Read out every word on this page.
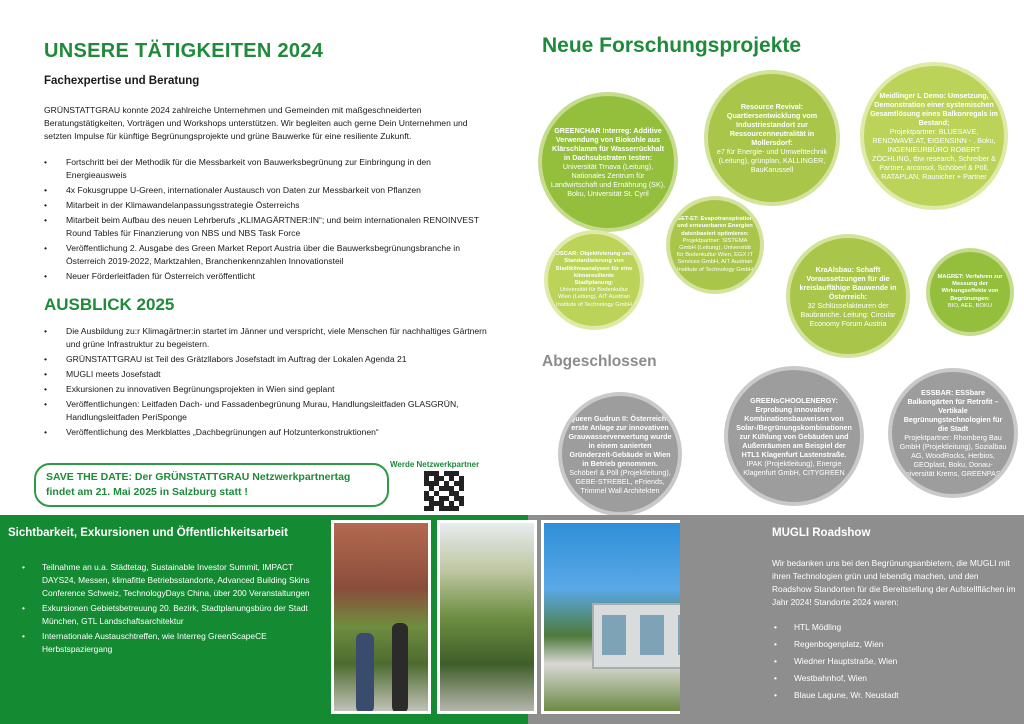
UNSERE TÄTIGKEITEN 2024
Fachexpertise und Beratung

GRÜNSTATTGRAU konnte 2024 zahlreiche Unternehmen und Gemeinden mit maßgeschneiderten Beratungstätigkeiten, Vorträgen und Workshops unterstützen. Wir begleiten auch gerne Dein Unternehmen und setzten Impulse für künftige Begrünungsprojekte und grüne Bauwerke für eine resiliente Zukunft.

• Fortschritt bei der Methodik für die Messbarkeit von Bauwerksbegrünung zur Einbringung in den Energieausweis
• 4x Fokusgruppe U-Green, internationaler Austausch von Daten zur Messbarkeit von Pflanzen
• Mitarbeit in der Klimawandelanpassungsstrategie Österreichs
• Mitarbeit beim Aufbau des neuen Lehrberufs „KLIMAGÄRTNER:IN“; und beim internationalen RENOINVEST Round Tables für Finanzierung von NBS und NBS Task Force
• Veröffentlichung 2. Ausgabe des Green Market Report Austria über die Bauwerksbegrünungsbranche in Österreich 2019-2022, Marktzahlen, Branchenkennzahlen Innovationsteil
• Neuer Förderleitfaden für Österreich veröffentlicht
AUSBLICK 2025
• Die Ausbildung zu:r Klimagärtner:in startet im Jänner und verspricht, viele Menschen für nachhaltiges Gärtnern und grüne Infrastruktur zu begeistern.
• GRÜNSTATTGRAU ist Teil des Grätzllabors Josefstadt im Auftrag der Lokalen Agenda 21
• MUGLI meets Josefstadt
• Exkursionen zu innovativen Begrünungsprojekten in Wien sind geplant
• Veröffentlichungen: Leitfaden Dach- und Fassadenbegrünung Murau, Handlungsleitfaden GLASGRÜN, Handlungsleitfaden PeriSponge
• Veröffentlichung des Merkblattes „Dachbegrünungen auf Holzunterkonstruktionen“
SAVE THE DATE: Der GRÜNSTATTGRAU Netzwerkpartnertag findet am 21. Mai 2025 in Salzburg statt !
Werde Netzwerkpartner
Neue Forschungsprojekte
GREENCHAR Interreg: Additive Verwendung von Biokohle aus Klärschlamm für Wasserrückhalt in Dachsubstraten testen:
Universität Trnava (Leitung), Nationales Zentrum für Landwirtschaft und Ernährung (SK), Boku, Universität St. Cyril
Resource Revival: Quartiersentwicklung vom Industriestandort zur Ressourcenneutralität in Mollersdorf:
e7 für Energie- und Umwelttechnik (Leitung), grünplan, KALLINGER, BauKarussell
Meidlinger L Demo: Umsetzung, Demonstration einer systemischen Gesamtlösung eines Balkonregals im Bestand;
Projektpartner: BLUESAVE, RENOWAVE.AT, EIGENSINN - , Boku, INGENIEURBÜRO ROBERT ZÖCHLING, tbw research, Schreiber & Partner, arconsol, Schöberl & Pöll, RATAPLAN, Raunicher + Partner
GET-ET: Evapotranspiration und erneuerbaren Energien datenbasiert optimieren:
Projektpartner: SISTEMA GmbH (Leitung), Universität für Bodenkultur Wien, EGX IT Services GmbH, AIT Austrian Institute of Technology GmbH
OSCAR: Objektivierung und Standardisierung von Stadtklimaanalysen für eine klimaresiliente Stadtplanung:
Universität für Bodenkultur Wien (Leitung), AIT Austrian Institute of Technology GmbH
KraAlsbau: Schafft Voraussetzungen für die kreislauffähige Bauwende in Österreich:
32 Schlüsselakteuren der Baubranche. Leitung: Circular Economy Forum Austria
MAGRET: Verfahren zur Messung der Wirkungseffekte von Begrünungen:
BIO, AEE, BOKU
Abgeschlossen
Queen Gudrun II: Österreichs erste Anlage zur innovativen Grauwasserverwertung wurde in einem sanierten Gründerzeit-Gebäude in Wien in Betrieb genommen.
Schöberl & Pöll (Projektleitung), GEBE-STREBEL, eFriends, Trimmel Wall Architekten
GREENsCHOOLENERGY: Erprobung innovativer Kombinationsbauweisen von Solar-/Begrünungskombinationen zur Kühlung von Gebäuden und Außenräumen am Beispiel der HTL1 Klagenfurt Lastenstraße.
IPAK (Projektleitung), Energie Klagenfurt GmbH, CITYGREEN
ESSBAR: ESSbare Balkongärten für Retrofit – Vertikale Begrünungstechnologien für die Stadt
Projektpartner: Rhomberg Bau GmbH (Projektleitung), Sozialbau AG, WoodRocks, Herbios, GEOplast, Boku, Donau-Universität Krems, GREENPASS
Sichtbarkeit, Exkursionen und Öffentlichkeitsarbeit
• Teilnahme an u.a. Städtetag, Sustainable Investor Summit, IMPACT DAYS24, Messen, klimafitte Betriebsstandorte, Advanced Building Skins Conference Schweiz, TechnologyDays China, über 200 Veranstaltungen
• Exkursionen Gebietsbetreuung 20. Bezirk, Stadtplanungsbüro der Stadt München, GTL Landschaftsarchitektur
• Internationale Austauschtreffen, wie Interreg GreenScapeCE Herbstspaziergang
MUGLI Roadshow

Wir bedanken uns bei den Begrünungsanbietern, die MUGLI mit ihren Technologien grün und lebendig machen, und den Roadshow Standorten für die Bereitstellung der Aufstellflächen im Jahr 2024! Standorte 2024 waren:

• HTL Mödling
• Regenbogenplatz, Wien
• Wiedner Hauptstraße, Wien
• Westbahnhof, Wien
• Blaue Lagune, Wr. Neustadt
